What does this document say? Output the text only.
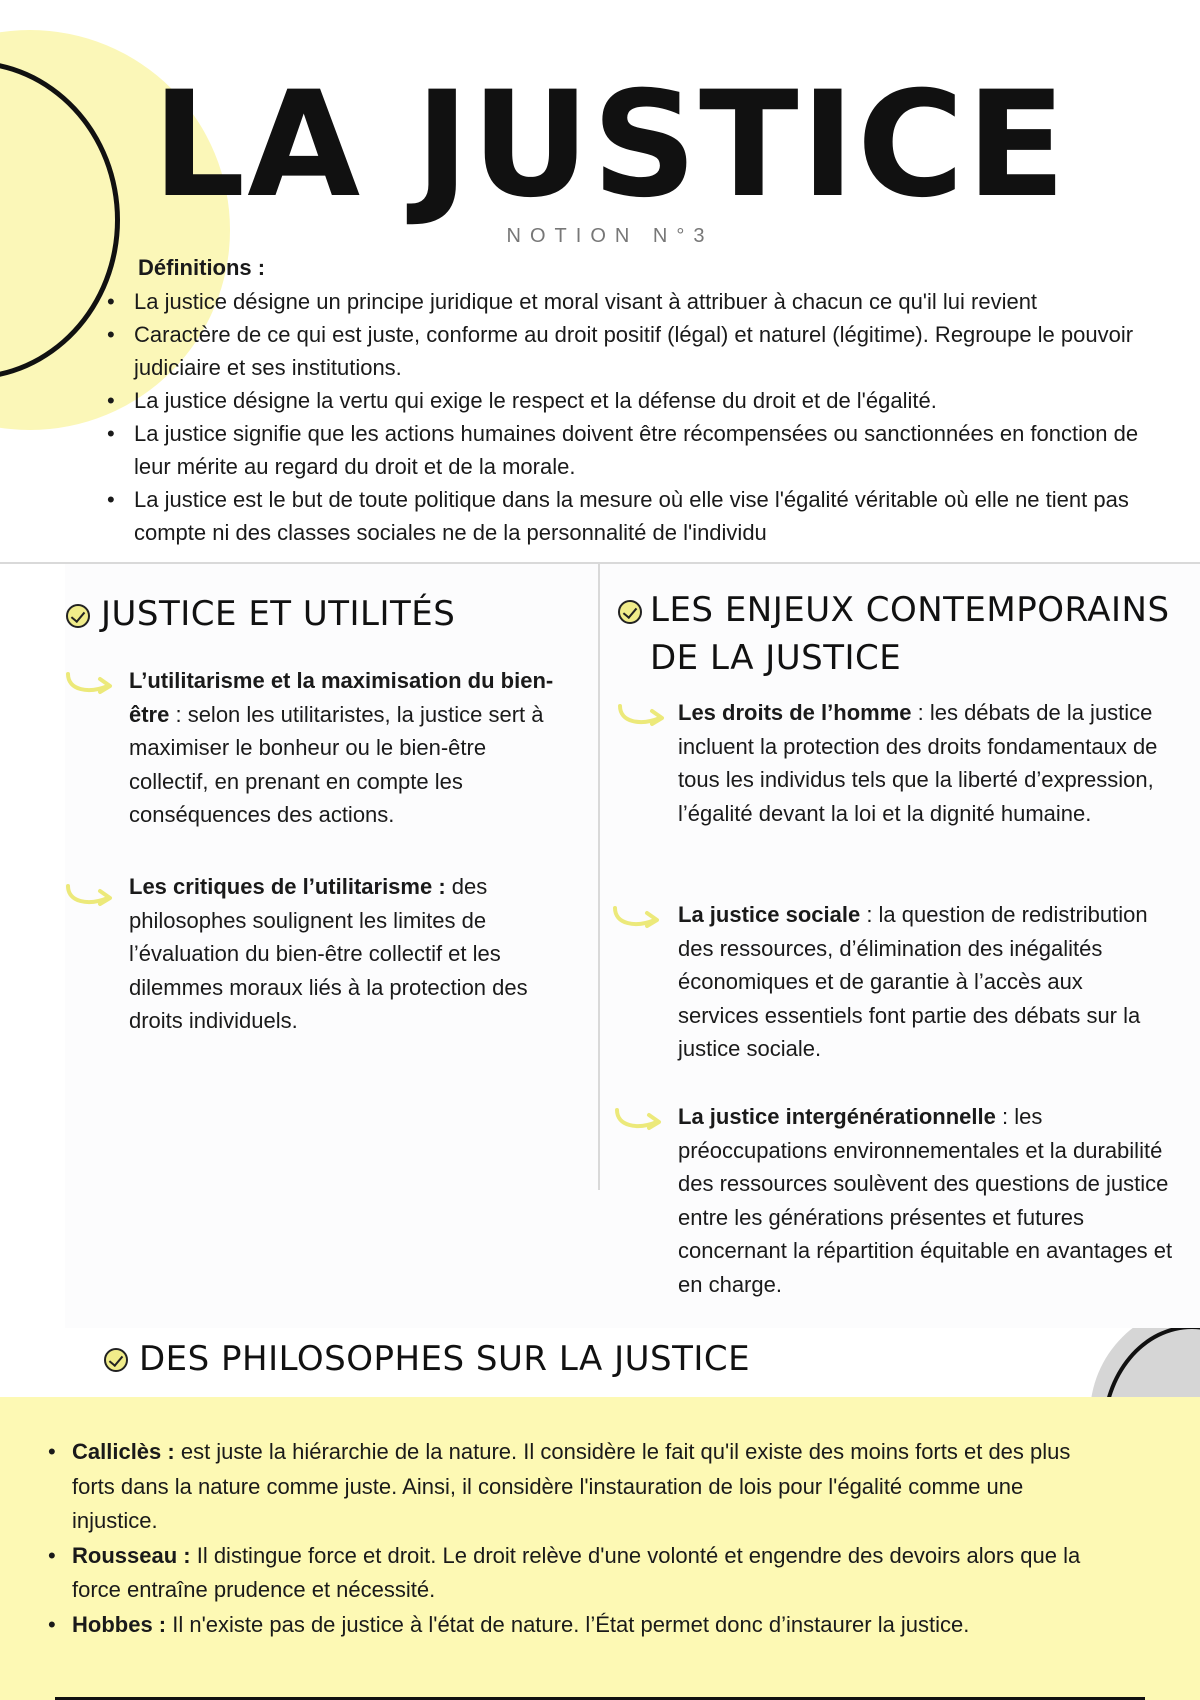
LA JUSTICE
NOTION N°3
Définitions :
• La justice désigne un principe juridique et moral visant à attribuer à chacun ce qu'il lui revient
• Caractère de ce qui est juste, conforme au droit positif (légal) et naturel (légitime). Regroupe le pouvoir judiciaire et ses institutions.
• La justice désigne la vertu qui exige le respect et la défense du droit et de l'égalité.
• La justice signifie que les actions humaines doivent être récompensées ou sanctionnées en fonction de leur mérite au regard du droit et de la morale.
• La justice est le but de toute politique dans la mesure où elle vise l'égalité véritable où elle ne tient pas compte ni des classes sociales ne de la personnalité de l'individu
JUSTICE ET UTILITÉS
L’utilitarisme et la maximisation du bien-être : selon les utilitaristes, la justice sert à maximiser le bonheur ou le bien-être collectif, en prenant en compte les conséquences des actions.
Les critiques de l’utilitarisme : des philosophes soulignent les limites de l’évaluation du bien-être collectif et les dilemmes moraux liés à la protection des droits individuels.
LES ENJEUX CONTEMPORAINS
DE LA JUSTICE
Les droits de l’homme : les débats de la justice incluent la protection des droits fondamentaux de tous les individus tels que la liberté d’expression, l’égalité devant la loi et la dignité humaine.
La justice sociale : la question de redistribution des ressources, d’élimination des inégalités économiques et de garantie à l’accès aux services essentiels font partie des débats sur la justice sociale.
La justice intergénérationnelle : les préoccupations environnementales et la durabilité des ressources soulèvent des questions de justice entre les générations présentes et futures concernant la répartition équitable en avantages et en charge.
DES PHILOSOPHES SUR LA JUSTICE
• Calliclès : est juste la hiérarchie de la nature. Il considère le fait qu'il existe des moins forts et des plus forts dans la nature comme juste. Ainsi, il considère l'instauration de lois pour l'égalité comme une injustice.
• Rousseau : Il distingue force et droit. Le droit relève d'une volonté et engendre des devoirs alors que la force entraîne prudence et nécessité.
• Hobbes : Il n'existe pas de justice à l'état de nature. l’État permet donc d’instaurer la justice.
